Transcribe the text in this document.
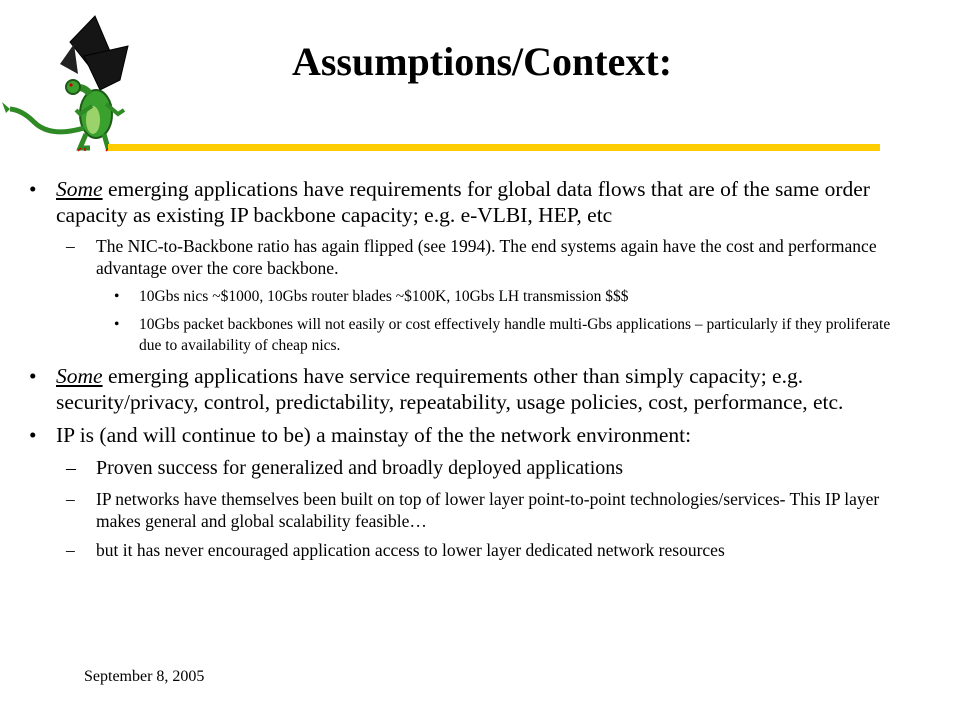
Assumptions/Context:
• Some emerging applications have requirements for global data flows that are of the same order capacity as existing IP backbone capacity; e.g. e-VLBI, HEP, etc
– The NIC-to-Backbone ratio has again flipped (see 1994). The end systems again have the cost and performance advantage over the core backbone.
• 10Gbs nics ~$1000, 10Gbs router blades ~$100K, 10Gbs LH transmission $$$
• 10Gbs packet backbones will not easily or cost effectively handle multi-Gbs applications – particularly if they proliferate due to availability of cheap nics.
• Some emerging applications have service requirements other than simply capacity; e.g. security/privacy, control, predictability, repeatability, usage policies, cost, performance, etc.
• IP is (and will continue to be) a mainstay of the the network environment:
– Proven success for generalized and broadly deployed applications
– IP networks have themselves been built on top of lower layer point-to-point technologies/services- This IP layer makes general and global scalability feasible…
– but it has never encouraged application access to lower layer dedicated network resources
September 8, 2005
